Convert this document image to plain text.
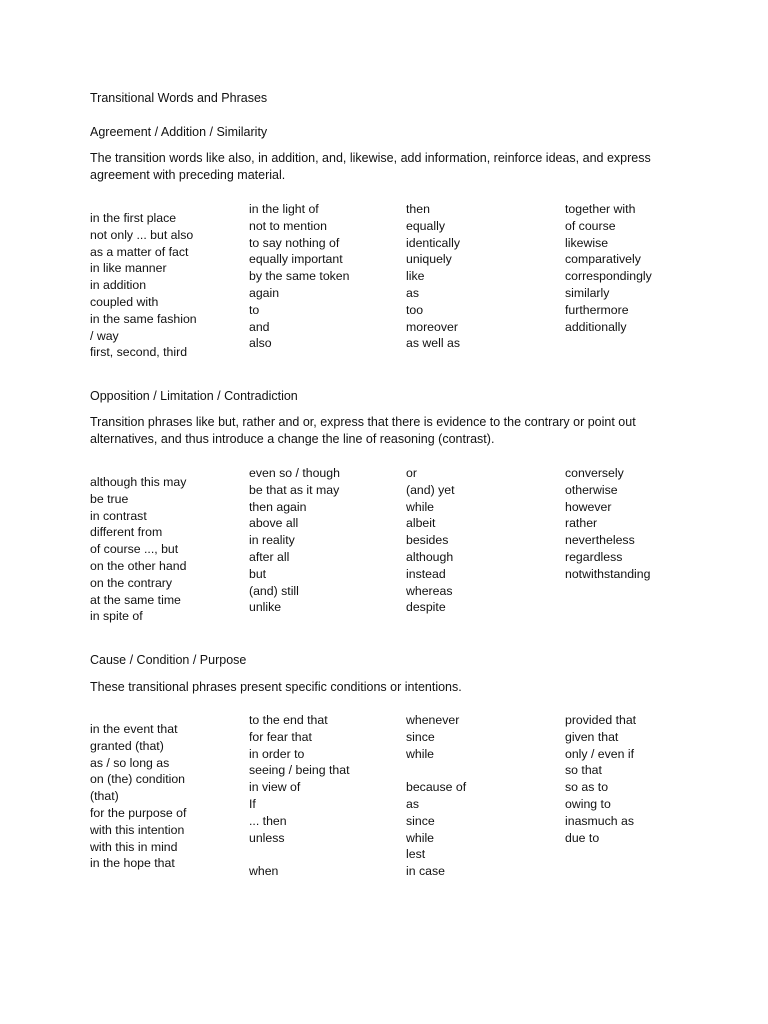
Transitional Words and Phrases
Agreement / Addition / Similarity
The transition words like also, in addition, and, likewise, add information, reinforce ideas, and express agreement with preceding material.
in the first place
not only ... but also
as a matter of fact
in like manner
in addition
coupled with
in the same fashion
/ way
first, second, third
in the light of
not to mention
to say nothing of
equally important
by the same token
again
to
and
also
then
equally
identically
uniquely
like
as
too
moreover
as well as
together with
of course
likewise
comparatively
correspondingly
similarly
furthermore
additionally
Opposition / Limitation / Contradiction
Transition phrases like but, rather and or, express that there is evidence to the contrary or point out alternatives, and thus introduce a change the line of reasoning (contrast).
although this may
be true
in contrast
different from
of course ..., but
on the other hand
on the contrary
at the same time
in spite of
even so / though
be that as it may
then again
above all
in reality
after all
but
(and) still
unlike
or
(and) yet
while
albeit
besides
although
instead
whereas
despite
conversely
otherwise
however
rather
nevertheless
regardless
notwithstanding
Cause / Condition / Purpose
These transitional phrases present specific conditions or intentions.
in the event that
granted (that)
as / so long as
on (the) condition
(that)
for the purpose of
with this intention
with this in mind
in the hope that
to the end that
for fear that
in order to
seeing / being that
in view of
If
... then
unless
when
whenever
since
while
because of
as
since
while
lest
in case
provided that
given that
only / even if
so that
so as to
owing to
inasmuch as
due to
